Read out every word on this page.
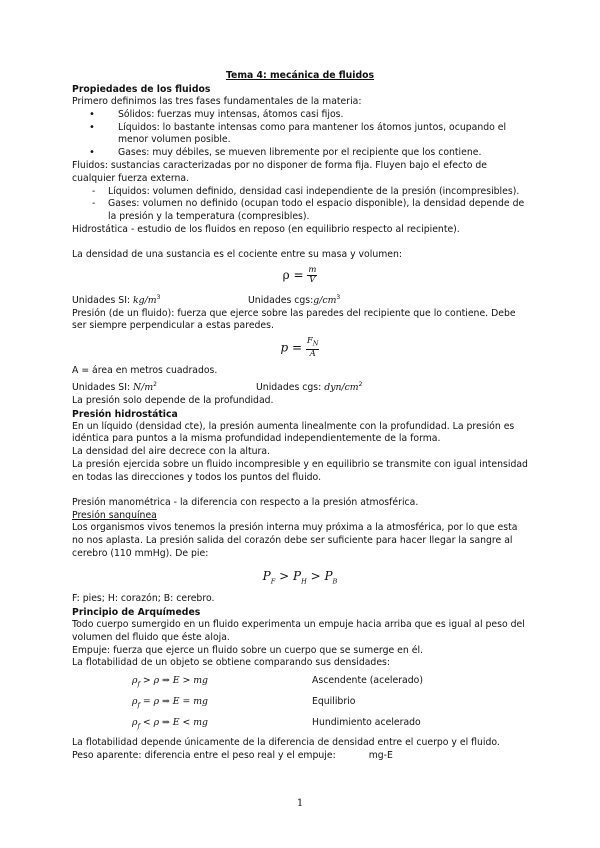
Tema 4: mecánica de fluidos
Propiedades de los fluidos
Primero definimos las tres fases fundamentales de la materia:
• Sólidos: fuerzas muy intensas, átomos casi fijos.
• Líquidos: lo bastante intensas como para mantener los átomos juntos, ocupando el menor volumen posible.
• Gases: muy débiles, se mueven libremente por el recipiente que los contiene.
Fluidos: sustancias caracterizadas por no disponer de forma fija. Fluyen bajo el efecto de cualquier fuerza externa.
- Líquidos: volumen definido, densidad casi independiente de la presión (incompresibles).
- Gases: volumen no definido (ocupan todo el espacio disponible), la densidad depende de la presión y la temperatura (compresibles).
Hidrostática - estudio de los fluidos en reposo (en equilibrio respecto al recipiente).
La densidad de una sustancia es el cociente entre su masa y volumen:
$\rho = \frac{m}{V}$
Unidades SI: $kg/m^3$	Unidades $cgs:g/cm^3$
Presión (de un fluido): fuerza que ejerce sobre las paredes del recipiente que lo contiene. Debe ser siempre perpendicular a estas paredes.
$p = \frac{F_N}{A}$
A = área en metros cuadrados.
Unidades SI: $N/m^2$	Unidades cgs: dyn/$cm^2$
La presión solo depende de la profundidad.
Presión hidrostática
En un líquido (densidad cte), la presión aumenta linealmente con la profundidad. La presión es idéntica para puntos a la misma profundidad independientemente de la forma.
La densidad del aire decrece con la altura.
La presión ejercida sobre un fluido incompresible y en equilibrio se transmite con igual intensidad en todas las direcciones y todos los puntos del fluido.
Presión manométrica - la diferencia con respecto a la presión atmosférica.
Presión sanguínea
Los organismos vivos tenemos la presión interna muy próxima a la atmosférica, por lo que esta no nos aplasta. La presión salida del corazón debe ser suficiente para hacer llegar la sangre al cerebro (110 mmHg). De pie:
$P_F > P_H > P_B$
F: pies; H: corazón; B: cerebro.
Principio de Arquímedes
Todo cuerpo sumergido en un fluido experimenta un empuje hacia arriba que es igual al peso del volumen del fluido que éste aloja.
Empuje: fuerza que ejerce un fluido sobre un cuerpo que se sumerge en él.
La flotabilidad de un objeto se obtiene comparando sus densidades:
$\rho_f > \rho$ ⇒ E > mg	Ascendente (acelerado)
$\rho_f = \rho$ ⇒ E = mg	Equilibrio
$\rho_f < \rho$ ⇒ E < mg	Hundimiento acelerado
La flotabilidad depende únicamente de la diferencia de densidad entre el cuerpo y el fluido.
Peso aparente: diferencia entre el peso real y el empuje:	mg-E
1
